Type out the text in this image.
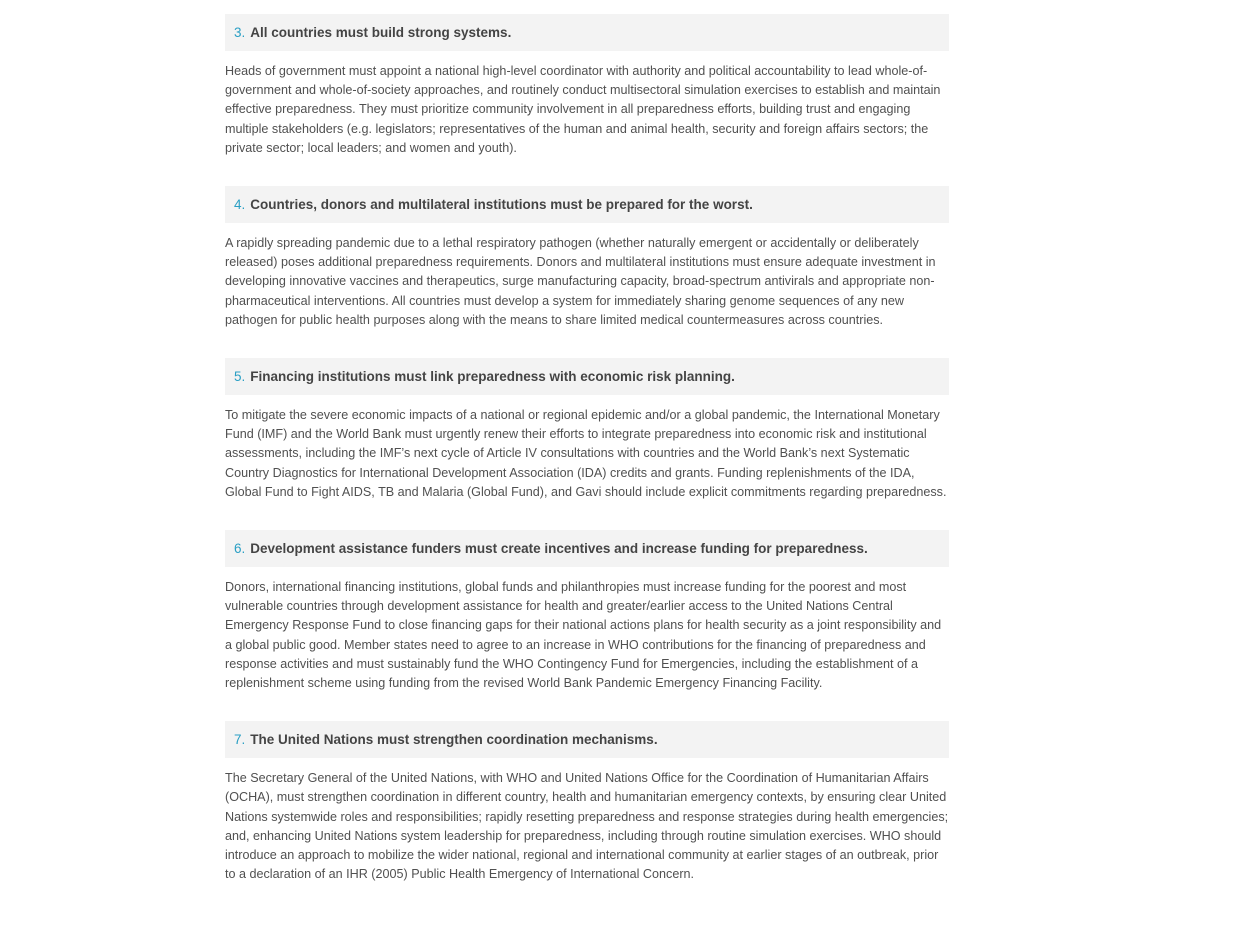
3. All countries must build strong systems.

Heads of government must appoint a national high-level coordinator with authority and political accountability to lead whole-of-government and whole-of-society approaches, and routinely conduct multisectoral simulation exercises to establish and maintain effective preparedness. They must prioritize community involvement in all preparedness efforts, building trust and engaging multiple stakeholders (e.g. legislators; representatives of the human and animal health, security and foreign affairs sectors; the private sector; local leaders; and women and youth).

4. Countries, donors and multilateral institutions must be prepared for the worst.

A rapidly spreading pandemic due to a lethal respiratory pathogen (whether naturally emergent or accidentally or deliberately released) poses additional preparedness requirements. Donors and multilateral institutions must ensure adequate investment in developing innovative vaccines and therapeutics, surge manufacturing capacity, broad-spectrum antivirals and appropriate non-pharmaceutical interventions. All countries must develop a system for immediately sharing genome sequences of any new pathogen for public health purposes along with the means to share limited medical countermeasures across countries.

5. Financing institutions must link preparedness with economic risk planning.

To mitigate the severe economic impacts of a national or regional epidemic and/or a global pandemic, the International Monetary Fund (IMF) and the World Bank must urgently renew their efforts to integrate preparedness into economic risk and institutional assessments, including the IMF’s next cycle of Article IV consultations with countries and the World Bank’s next Systematic Country Diagnostics for International Development Association (IDA) credits and grants. Funding replenishments of the IDA, Global Fund to Fight AIDS, TB and Malaria (Global Fund), and Gavi should include explicit commitments regarding preparedness.

6. Development assistance funders must create incentives and increase funding for preparedness.

Donors, international financing institutions, global funds and philanthropies must increase funding for the poorest and most vulnerable countries through development assistance for health and greater/earlier access to the United Nations Central Emergency Response Fund to close financing gaps for their national actions plans for health security as a joint responsibility and a global public good. Member states need to agree to an increase in WHO contributions for the financing of preparedness and response activities and must sustainably fund the WHO Contingency Fund for Emergencies, including the establishment of a replenishment scheme using funding from the revised World Bank Pandemic Emergency Financing Facility.

7. The United Nations must strengthen coordination mechanisms.

The Secretary General of the United Nations, with WHO and United Nations Office for the Coordination of Humanitarian Affairs (OCHA), must strengthen coordination in different country, health and humanitarian emergency contexts, by ensuring clear United Nations systemwide roles and responsibilities; rapidly resetting preparedness and response strategies during health emergencies; and, enhancing United Nations system leadership for preparedness, including through routine simulation exercises. WHO should introduce an approach to mobilize the wider national, regional and international community at earlier stages of an outbreak, prior to a declaration of an IHR (2005) Public Health Emergency of International Concern.
